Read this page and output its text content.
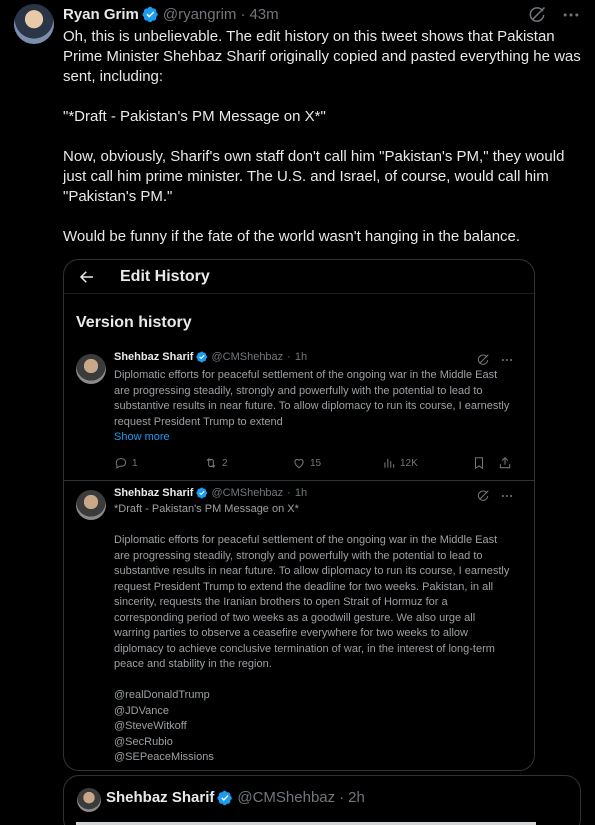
Ryan Grim @ryangrim · 43m

Oh, this is unbelievable. The edit history on this tweet shows that Pakistan Prime Minister Shehbaz Sharif originally copied and pasted everything he was sent, including:

"*Draft - Pakistan's PM Message on X*"

Now, obviously, Sharif's own staff don't call him "Pakistan's PM," they would just call him prime minister. The U.S. and Israel, of course, would call him "Pakistan's PM."

Would be funny if the fate of the world wasn't hanging in the balance.

Edit History
Version history
Shehbaz Sharif @CMShehbaz · 1h
Diplomatic efforts for peaceful settlement of the ongoing war in the Middle East are progressing steadily, strongly and powerfully with the potential to lead to substantive results in near future. To allow diplomacy to run its course, I earnestly request President Trump to extend
Show more
1	2	15	12K
Shehbaz Sharif @CMShehbaz · 1h

*Draft - Pakistan's PM Message on X*

Diplomatic efforts for peaceful settlement of the ongoing war in the Middle East are progressing steadily, strongly and powerfully with the potential to lead to substantive results in near future. To allow diplomacy to run its course, I earnestly request President Trump to extend the deadline for two weeks. Pakistan, in all sincerity, requests the Iranian brothers to open Strait of Hormuz for a corresponding period of two weeks as a goodwill gesture. We also urge all warring parties to observe a ceasefire everywhere for two weeks to allow diplomacy to achieve conclusive termination of war, in the interest of long-term peace and stability in the region.

@realDonaldTrump
@JDVance
@SteveWitkoff
@SecRubio
@SEPeaceMissions
Shehbaz Sharif @CMShehbaz · 2h
